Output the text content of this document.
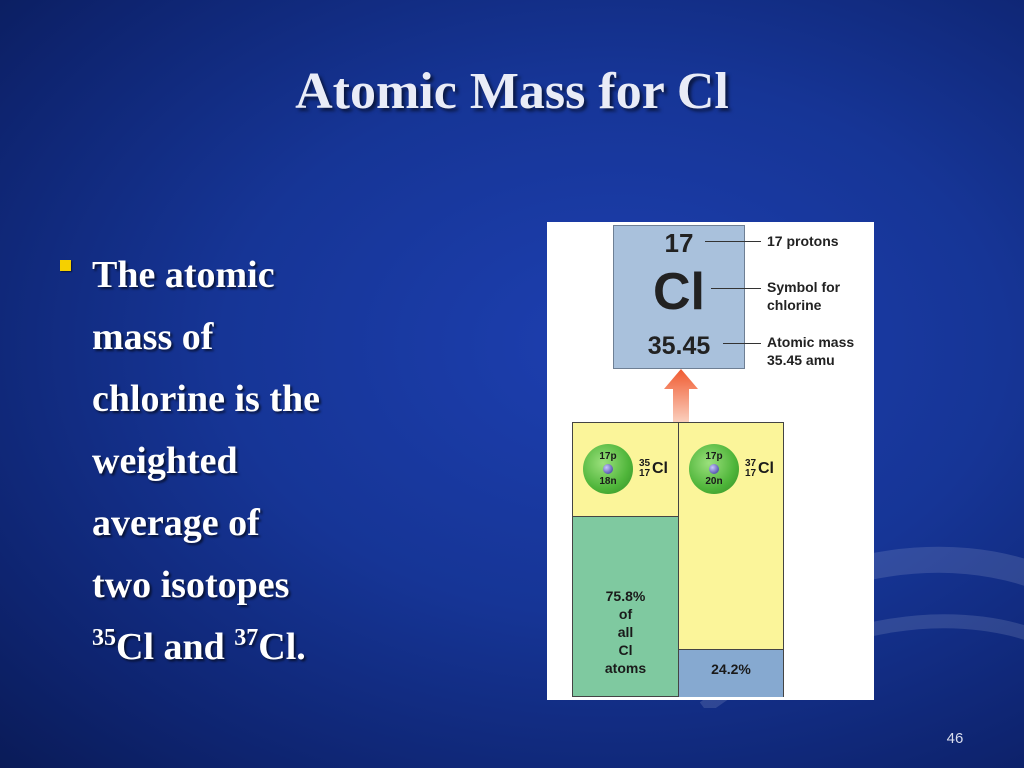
Atomic Mass for Cl
The atomic
mass of
chlorine is the
weighted
average of
two isotopes
$^{35}$Cl and $^{37}$Cl.
17
Cl
35.45
17 protons
Symbol for
chlorine
Atomic mass
35.45 amu
17p
18n
35
17 Cl
75.8%
of
all
Cl
atoms
17p
20n
37
17 Cl
24.2%
46
